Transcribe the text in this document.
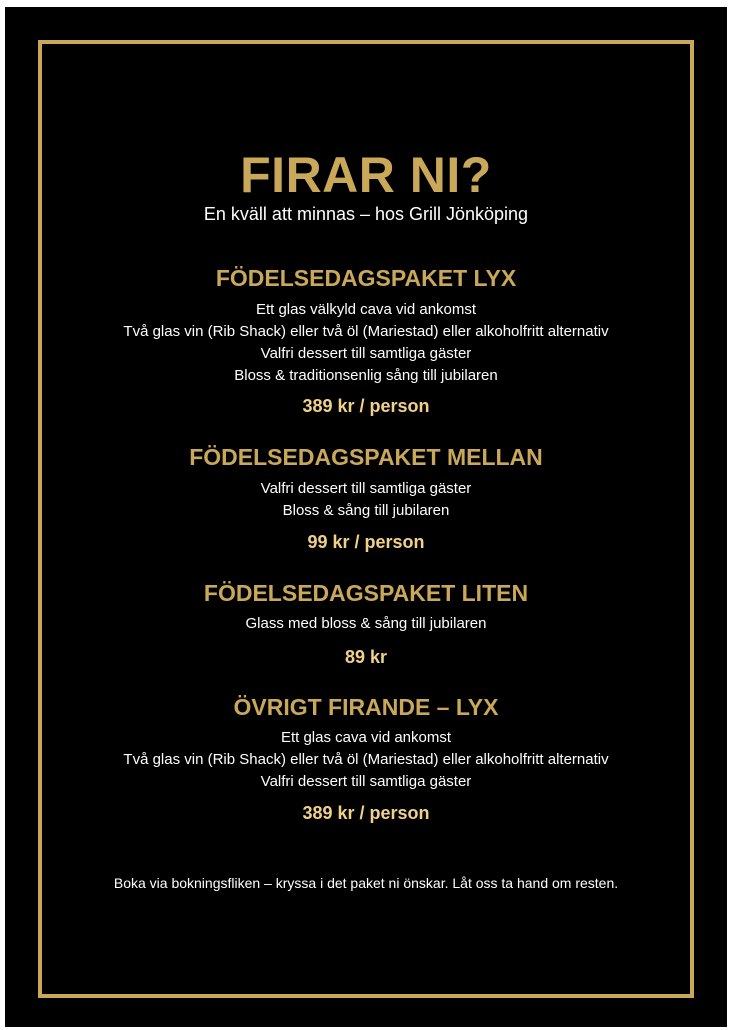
FIRAR NI?
En kväll att minnas – hos Grill Jönköping
FÖDELSEDAGSPAKET LYX
Ett glas välkyld cava vid ankomst
Två glas vin (Rib Shack) eller två öl (Mariestad) eller alkoholfritt alternativ
Valfri dessert till samtliga gäster
Bloss & traditionsenlig sång till jubilaren
389 kr / person
FÖDELSEDAGSPAKET MELLAN
Valfri dessert till samtliga gäster
Bloss & sång till jubilaren
99 kr / person
FÖDELSEDAGSPAKET LITEN
Glass med bloss & sång till jubilaren
89 kr
ÖVRIGT FIRANDE – LYX
Ett glas cava vid ankomst
Två glas vin (Rib Shack) eller två öl (Mariestad) eller alkoholfritt alternativ
Valfri dessert till samtliga gäster
389 kr / person
Boka via bokningsfliken – kryssa i det paket ni önskar. Låt oss ta hand om resten.
